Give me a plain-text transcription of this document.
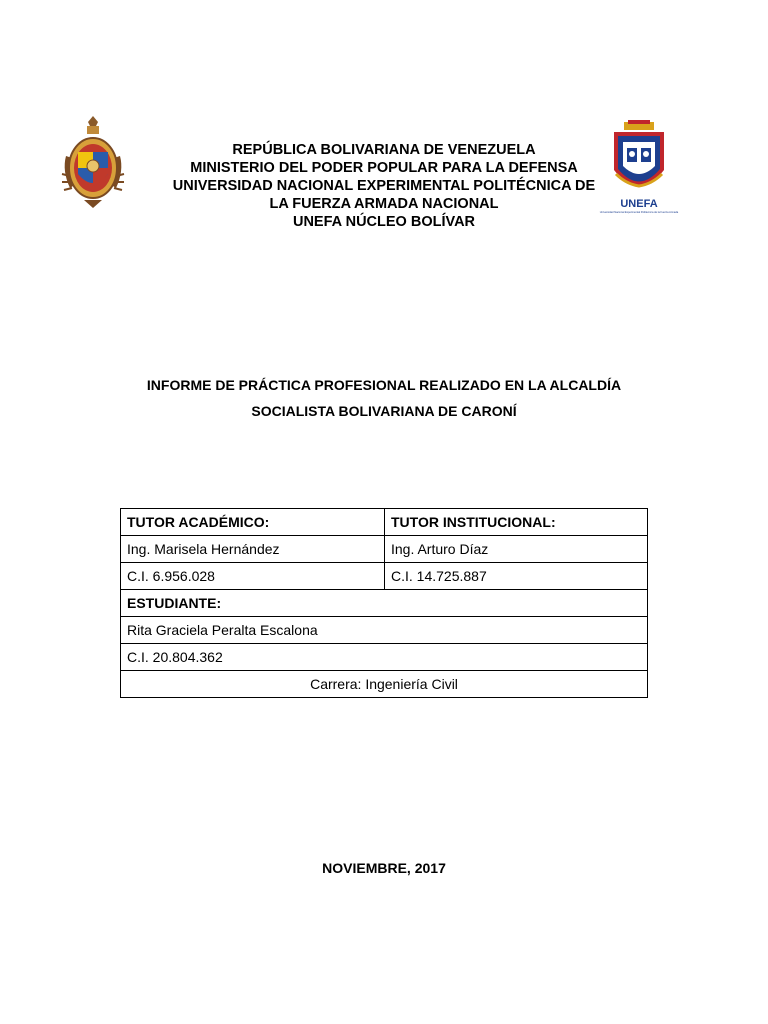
REPÚBLICA BOLIVARIANA DE VENEZUELA
MINISTERIO DEL PODER POPULAR PARA LA DEFENSA
UNIVERSIDAD NACIONAL EXPERIMENTAL POLITÉCNICA DE
LA FUERZA ARMADA NACIONAL
UNEFA NÚCLEO BOLÍVAR
UNEFA
Universidad Nacional Experimental Politécnica de la Fuerza Armada
INFORME DE PRÁCTICA PROFESIONAL REALIZADO EN LA ALCALDÍA
SOCIALISTA BOLIVARIANA DE CARONÍ
TUTOR ACADÉMICO:	TUTOR INSTITUCIONAL:
Ing. Marisela Hernández	Ing. Arturo Díaz
C.I. 6.956.028	C.I. 14.725.887
ESTUDIANTE:	
Rita Graciela Peralta Escalona	
C.I. 20.804.362	
Carrera: Ingeniería Civil	
NOVIEMBRE, 2017
